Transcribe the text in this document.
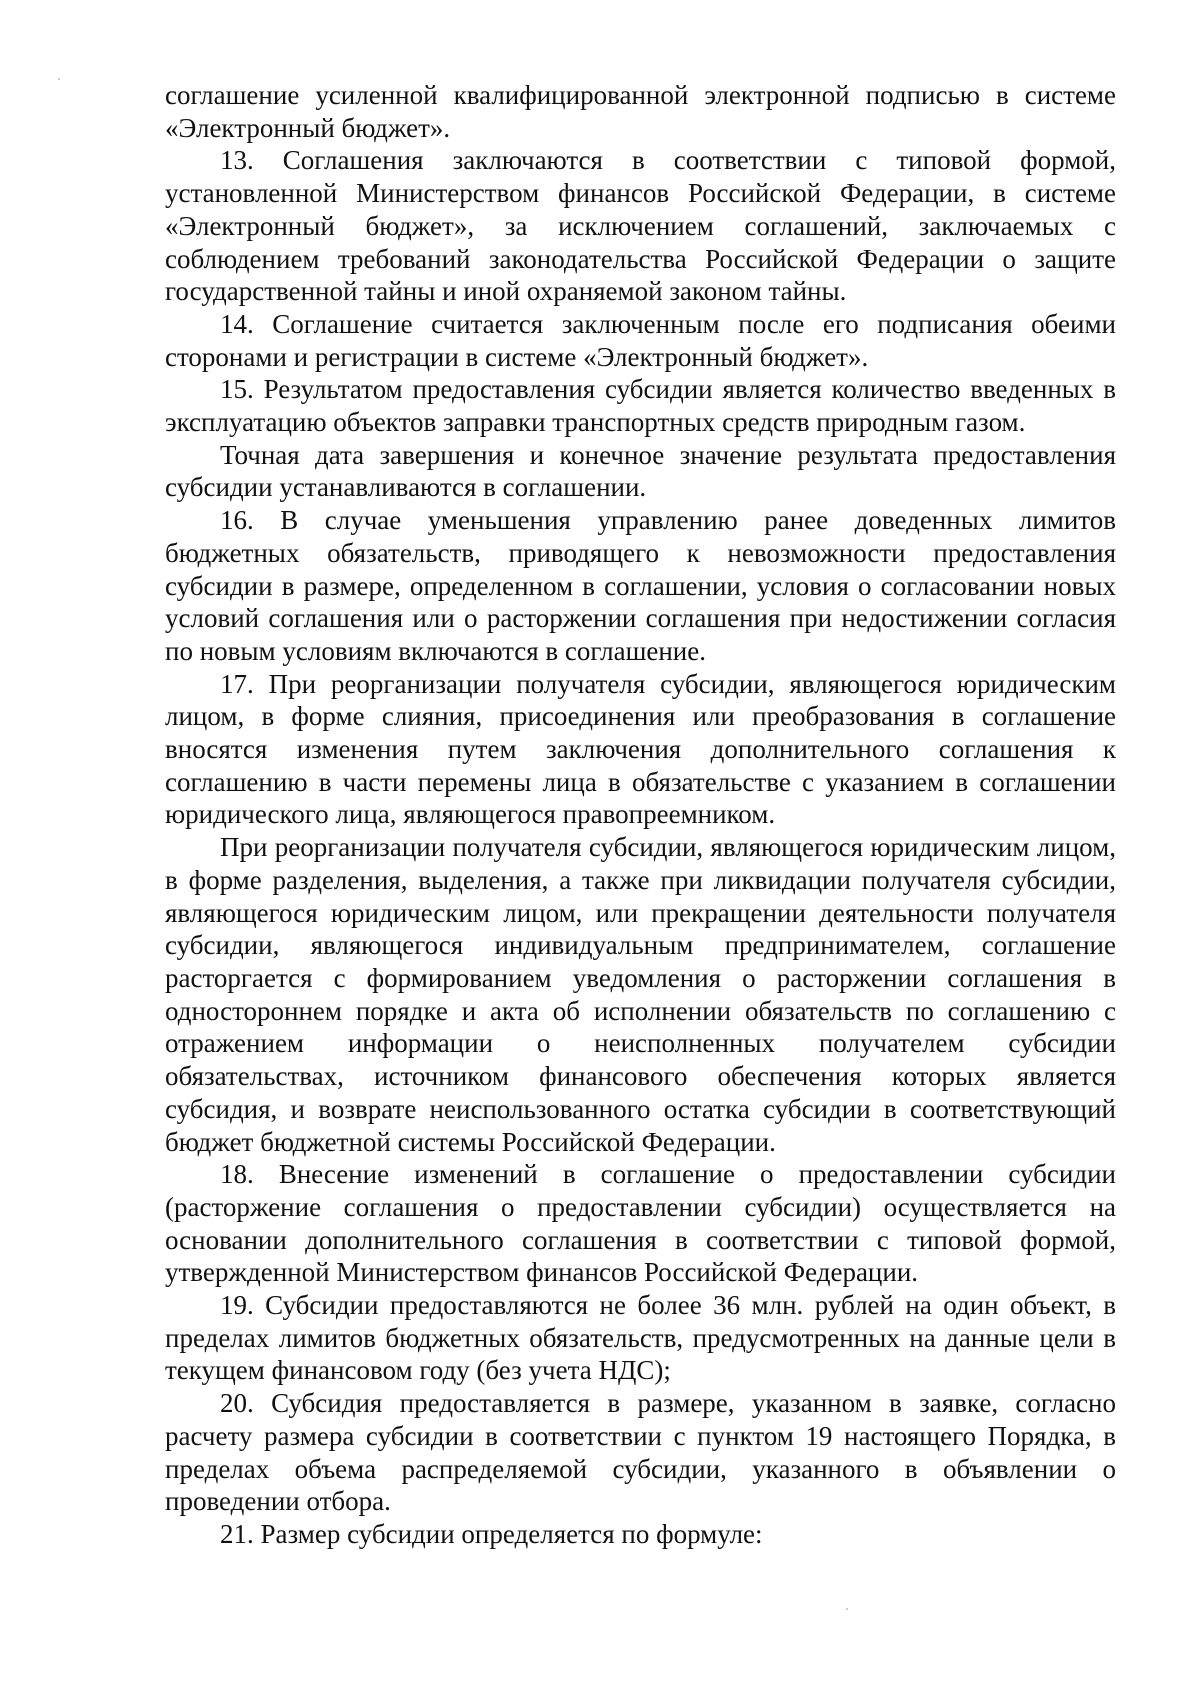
соглашение усиленной квалифицированной электронной подписью в системе «Электронный бюджет».

13. Соглашения заключаются в соответствии с типовой формой, установленной Министерством финансов Российской Федерации, в системе «Электронный бюджет», за исключением соглашений, заключаемых с соблюдением требований законодательства Российской Федерации о защите государственной тайны и иной охраняемой законом тайны.

14. Соглашение считается заключенным после его подписания обеими сторонами и регистрации в системе «Электронный бюджет».

15. Результатом предоставления субсидии является количество введенных в эксплуатацию объектов заправки транспортных средств природным газом.

Точная дата завершения и конечное значение результата предоставления субсидии устанавливаются в соглашении.

16. В случае уменьшения управлению ранее доведенных лимитов бюджетных обязательств, приводящего к невозможности предоставления субсидии в размере, определенном в соглашении, условия о согласовании новых условий соглашения или о расторжении соглашения при недостижении согласия по новым условиям включаются в соглашение.

17. При реорганизации получателя субсидии, являющегося юридическим лицом, в форме слияния, присоединения или преобразования в соглашение вносятся изменения путем заключения дополнительного соглашения к соглашению в части перемены лица в обязательстве с указанием в соглашении юридического лица, являющегося правопреемником.

При реорганизации получателя субсидии, являющегося юридическим лицом, в форме разделения, выделения, а также при ликвидации получателя субсидии, являющегося юридическим лицом, или прекращении деятельности получателя субсидии, являющегося индивидуальным предпринимателем, соглашение расторгается с формированием уведомления о расторжении соглашения в одностороннем порядке и акта об исполнении обязательств по соглашению с отражением информации о неисполненных получателем субсидии обязательствах, источником финансового обеспечения которых является субсидия, и возврате неиспользованного остатка субсидии в соответствующий бюджет бюджетной системы Российской Федерации.

18. Внесение изменений в соглашение о предоставлении субсидии (расторжение соглашения о предоставлении субсидии) осуществляется на основании дополнительного соглашения в соответствии с типовой формой, утвержденной Министерством финансов Российской Федерации.

19. Субсидии предоставляются не более 36 млн. рублей на один объект, в пределах лимитов бюджетных обязательств, предусмотренных на данные цели в текущем финансовом году (без учета НДС);

20. Субсидия предоставляется в размере, указанном в заявке, согласно расчету размера субсидии в соответствии с пунктом 19 настоящего Порядка, в пределах объема распределяемой субсидии, указанного в объявлении о проведении отбора.

21. Размер субсидии определяется по формуле:
